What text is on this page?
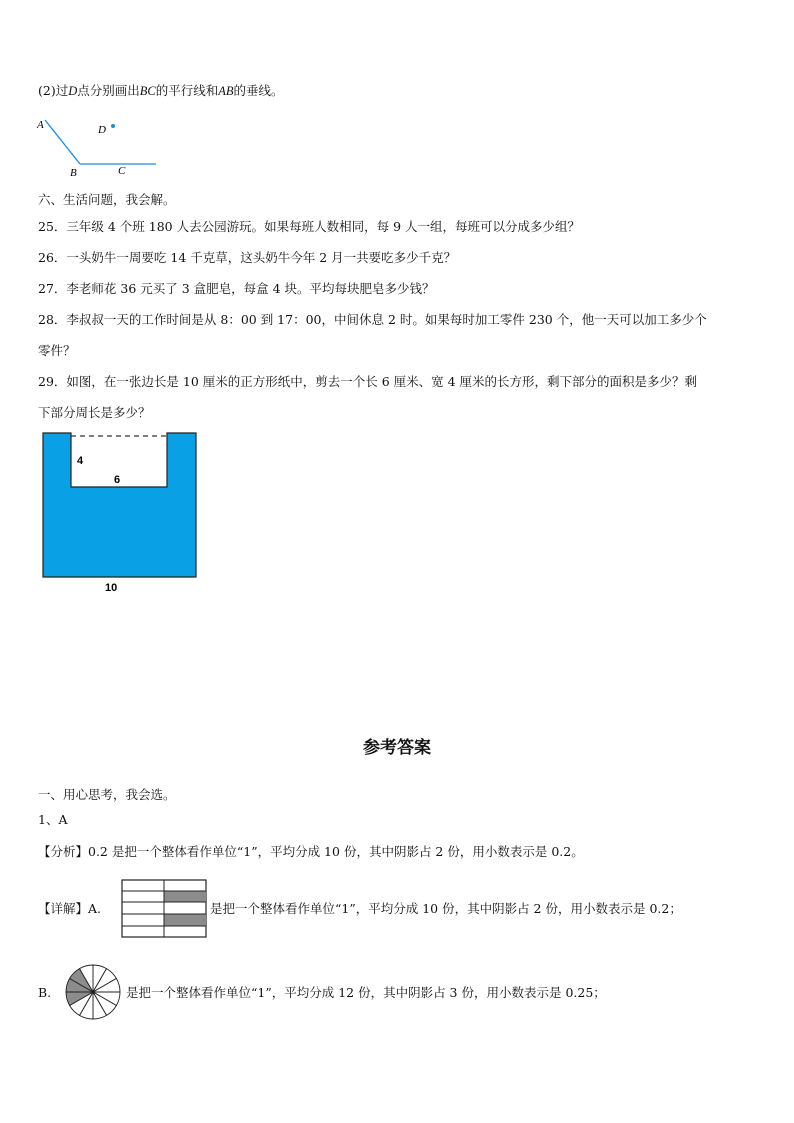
(2)过D点分别画出BC的平行线和AB的垂线。
A	D
B	C
六、生活问题，我会解。
25．三年级 4 个班 180 人去公园游玩。如果每班人数相同，每 9 人一组，每班可以分成多少组？
26．一头奶牛一周要吃 14 千克草，这头奶牛今年 2 月一共要吃多少千克？
27．李老师花 36 元买了 3 盒肥皂，每盒 4 块。平均每块肥皂多少钱？
28．李叔叔一天的工作时间是从 8：00 到 17：00，中间休息 2 时。如果每时加工零件 230 个，他一天可以加工多少个
零件？
29．如图，在一张边长是 10 厘米的正方形纸中，剪去一个长 6 厘米、宽 4 厘米的长方形，剩下部分的面积是多少？剩
下部分周长是多少？
4
6
10
参考答案
一、用心思考，我会选。
1、A
【分析】0.2 是把一个整体看作单位“1”，平均分成 10 份，其中阴影占 2 份，用小数表示是 0.2。
【详解】A.	是把一个整体看作单位“1”，平均分成 10 份，其中阴影占 2 份，用小数表示是 0.2；
B.	是把一个整体看作单位“1”，平均分成 12 份，其中阴影占 3 份，用小数表示是 0.25；
